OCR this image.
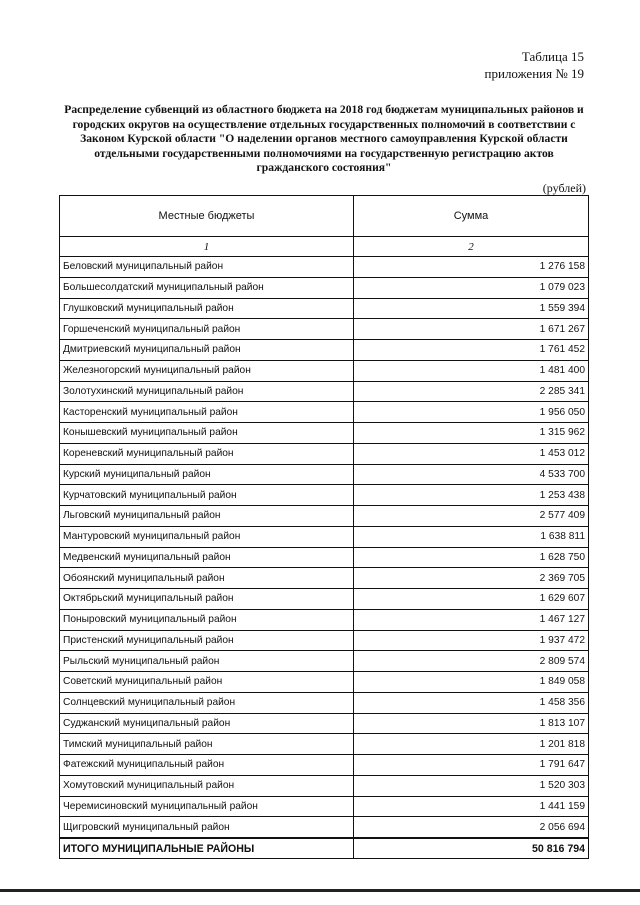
Таблица 15
приложения № 19
Распределение субвенций из областного бюджета на 2018 год бюджетам муниципальных районов и городских округов на осуществление отдельных государственных полномочий в соответствии с Законом Курской области "О наделении органов местного самоуправления Курской области отдельными государственными полномочиями на государственную регистрацию актов гражданского состояния"
(рублей)
Местные бюджеты	Сумма
1	2
Беловский муниципальный район	1 276 158
Большесолдатский муниципальный район	1 079 023
Глушковский муниципальный район	1 559 394
Горшеченский муниципальный район	1 671 267
Дмитриевский муниципальный район	1 761 452
Железногорский муниципальный район	1 481 400
Золотухинский муниципальный район	2 285 341
Касторенский муниципальный район	1 956 050
Конышевский муниципальный район	1 315 962
Кореневский муниципальный район	1 453 012
Курский муниципальный район	4 533 700
Курчатовский муниципальный район	1 253 438
Льговский муниципальный район	2 577 409
Мантуровский муниципальный район	1 638 811
Медвенский муниципальный район	1 628 750
Обоянский муниципальный район	2 369 705
Октябрьский муниципальный район	1 629 607
Поныровский муниципальный район	1 467 127
Пристенский муниципальный район	1 937 472
Рыльский муниципальный район	2 809 574
Советский муниципальный район	1 849 058
Солнцевский муниципальный район	1 458 356
Суджанский муниципальный район	1 813 107
Тимский муниципальный район	1 201 818
Фатежский муниципальный район	1 791 647
Хомутовский муниципальный район	1 520 303
Черемисиновский муниципальный район	1 441 159
Щигровский муниципальный район	2 056 694
ИТОГО МУНИЦИПАЛЬНЫЕ РАЙОНЫ	50 816 794
